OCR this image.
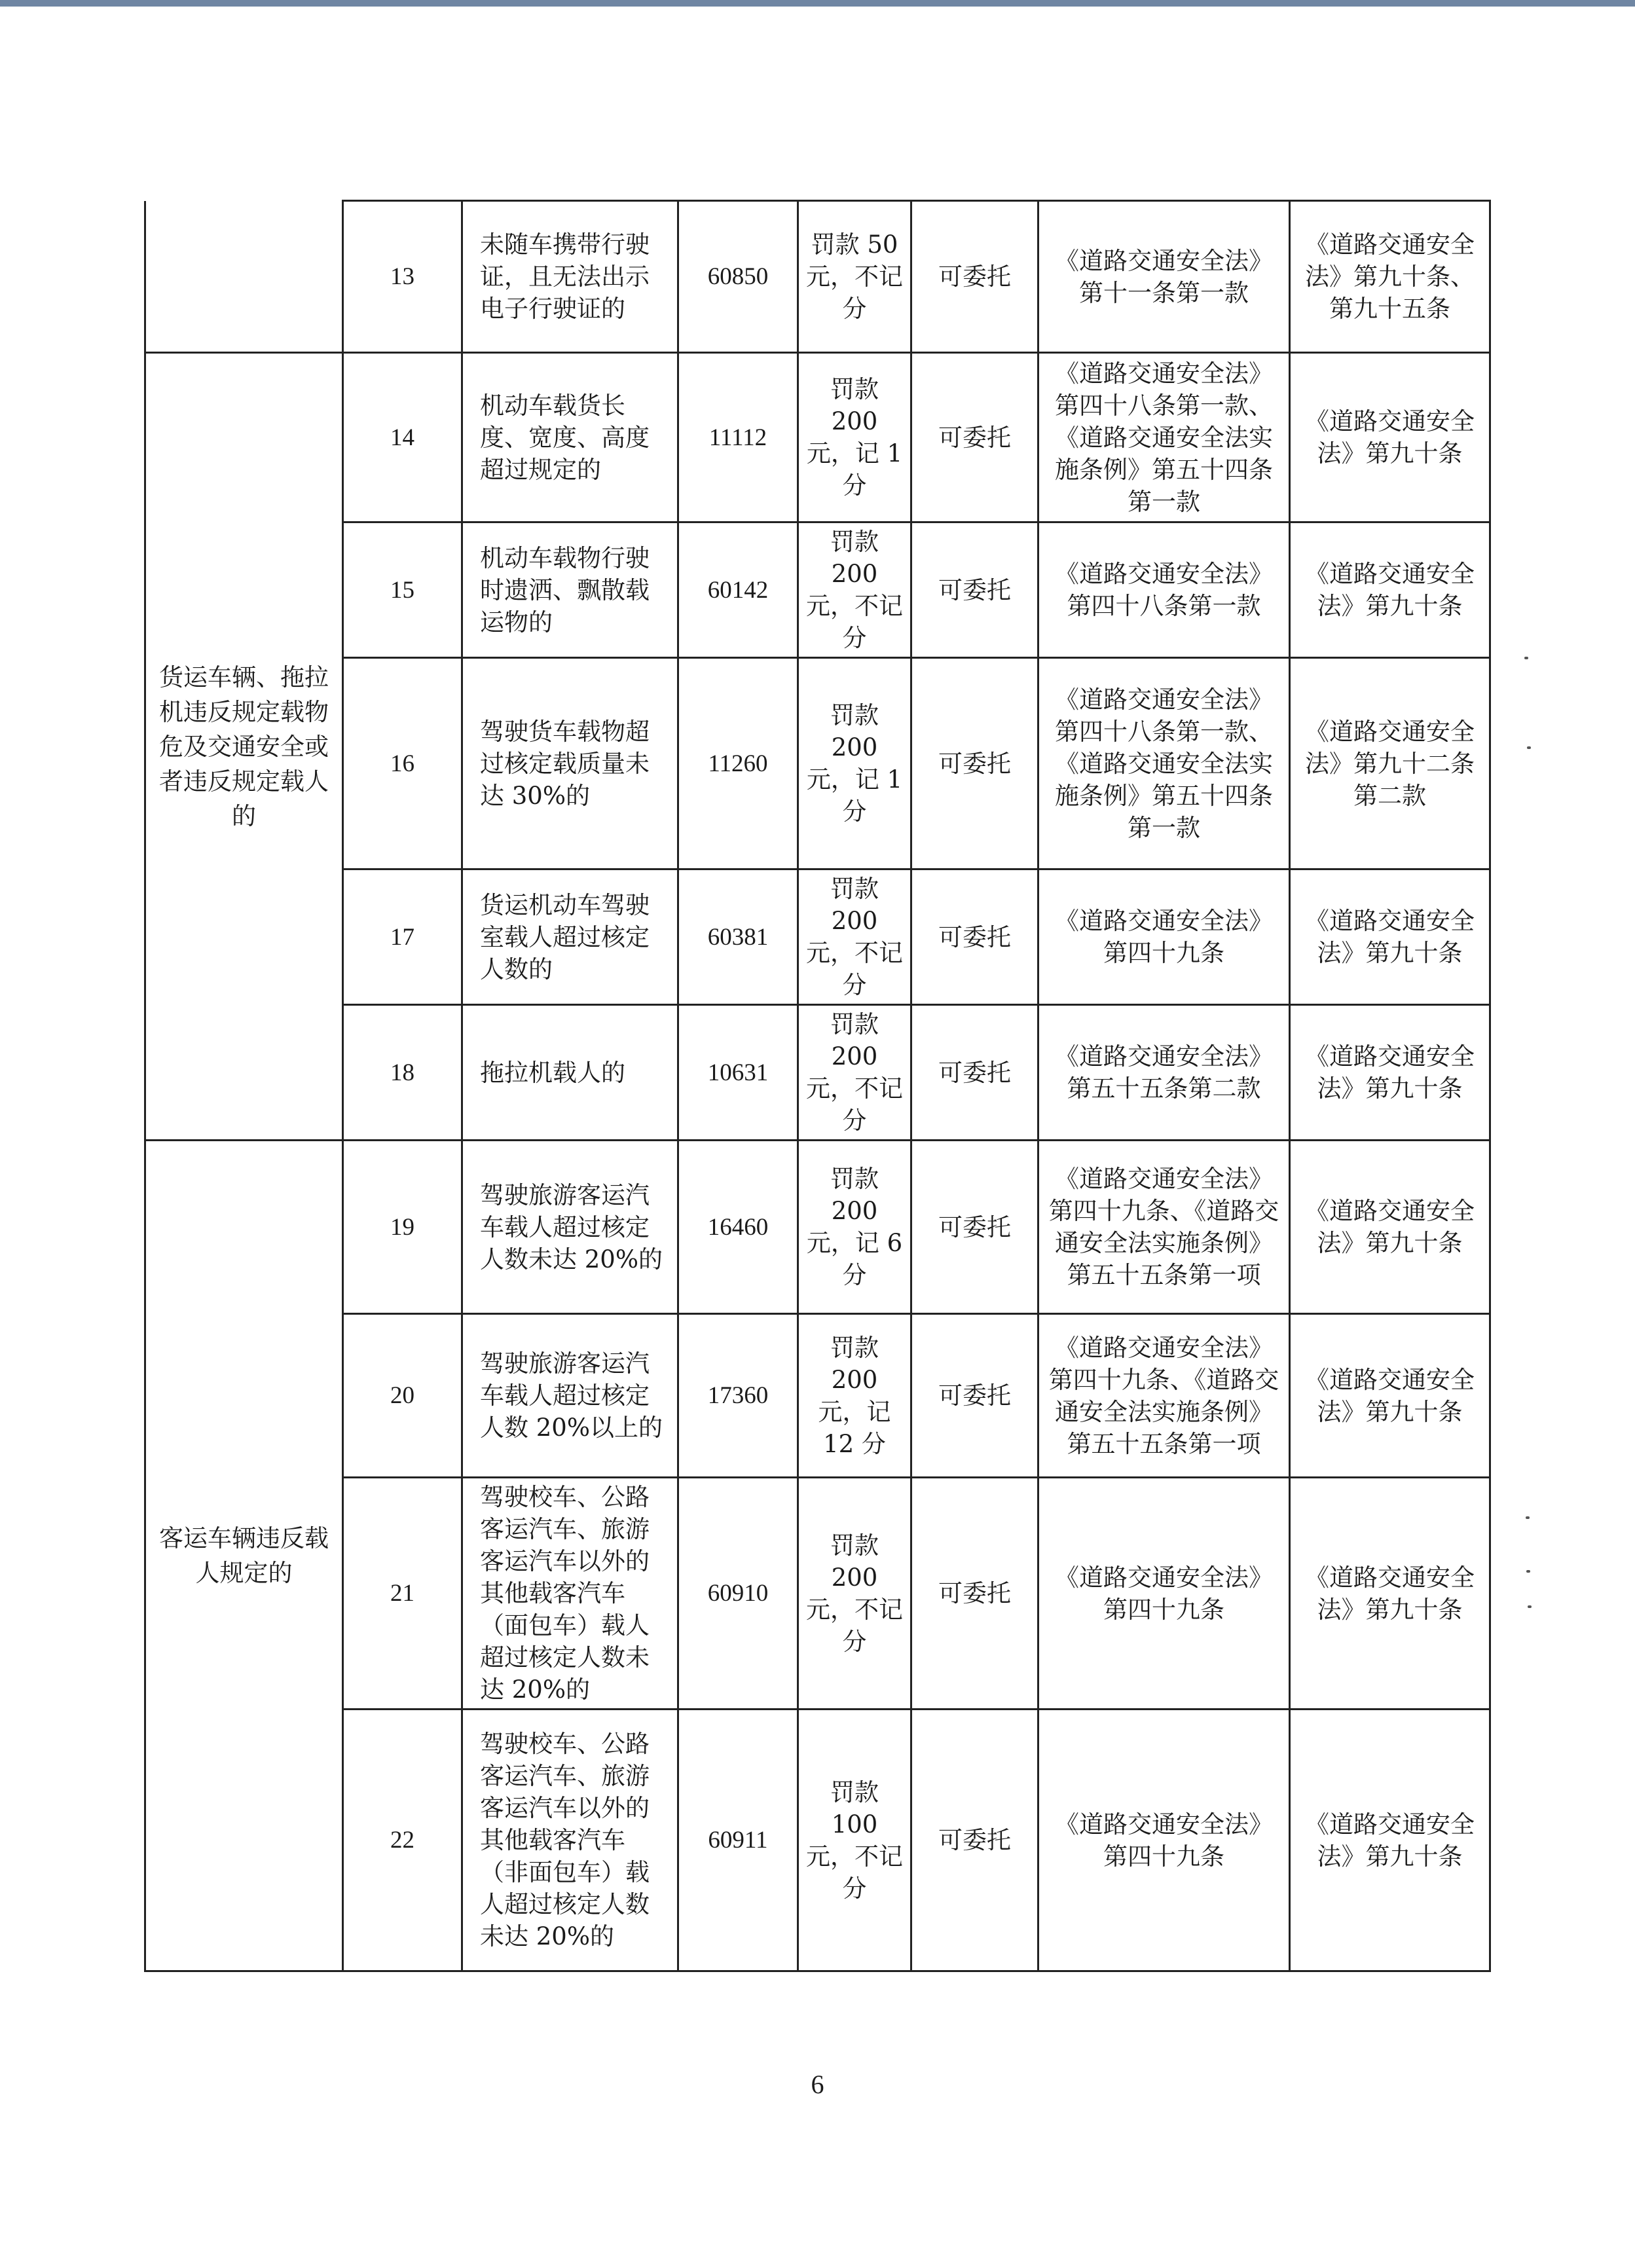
	13	未随车携带行驶证，且无法出示电子行驶证的	60850	罚款 50 元，不记分	可委托	《道路交通安全法》第十一条第一款	《道路交通安全法》第九十条、第九十五条
货运车辆、拖拉机违反规定载物危及交通安全或者违反规定载人的	14	机动车载货长度、宽度、高度超过规定的	11112	罚款 200 元，记 1 分	可委托	《道路交通安全法》第四十八条第一款、《道路交通安全法实施条例》第五十四条第一款	《道路交通安全法》第九十条
	15	机动车载物行驶时遗洒、飘散载运物的	60142	罚款 200 元，不记分	可委托	《道路交通安全法》第四十八条第一款	《道路交通安全法》第九十条
	16	驾驶货车载物超过核定载质量未达 30%的	11260	罚款 200 元，记 1 分	可委托	《道路交通安全法》第四十八条第一款、《道路交通安全法实施条例》第五十四条第一款	《道路交通安全法》第九十二条第二款
	17	货运机动车驾驶室载人超过核定人数的	60381	罚款 200 元，不记分	可委托	《道路交通安全法》第四十九条	《道路交通安全法》第九十条
	18	拖拉机载人的	10631	罚款 200 元，不记分	可委托	《道路交通安全法》第五十五条第二款	《道路交通安全法》第九十条
客运车辆违反载人规定的	19	驾驶旅游客运汽车载人超过核定人数未达 20%的	16460	罚款 200 元，记 6 分	可委托	《道路交通安全法》第四十九条、《道路交通安全法实施条例》第五十五条第一项	《道路交通安全法》第九十条
	20	驾驶旅游客运汽车载人超过核定人数 20%以上的	17360	罚款 200 元，记 12 分	可委托	《道路交通安全法》第四十九条、《道路交通安全法实施条例》第五十五条第一项	《道路交通安全法》第九十条
	21	驾驶校车、公路客运汽车、旅游客运汽车以外的其他载客汽车（面包车）载人超过核定人数未达 20%的	60910	罚款 200 元，不记分	可委托	《道路交通安全法》第四十九条	《道路交通安全法》第九十条
	22	驾驶校车、公路客运汽车、旅游客运汽车以外的其他载客汽车（非面包车）载人超过核定人数未达 20%的	60911	罚款 100 元，不记分	可委托	《道路交通安全法》第四十九条	《道路交通安全法》第九十条
6
